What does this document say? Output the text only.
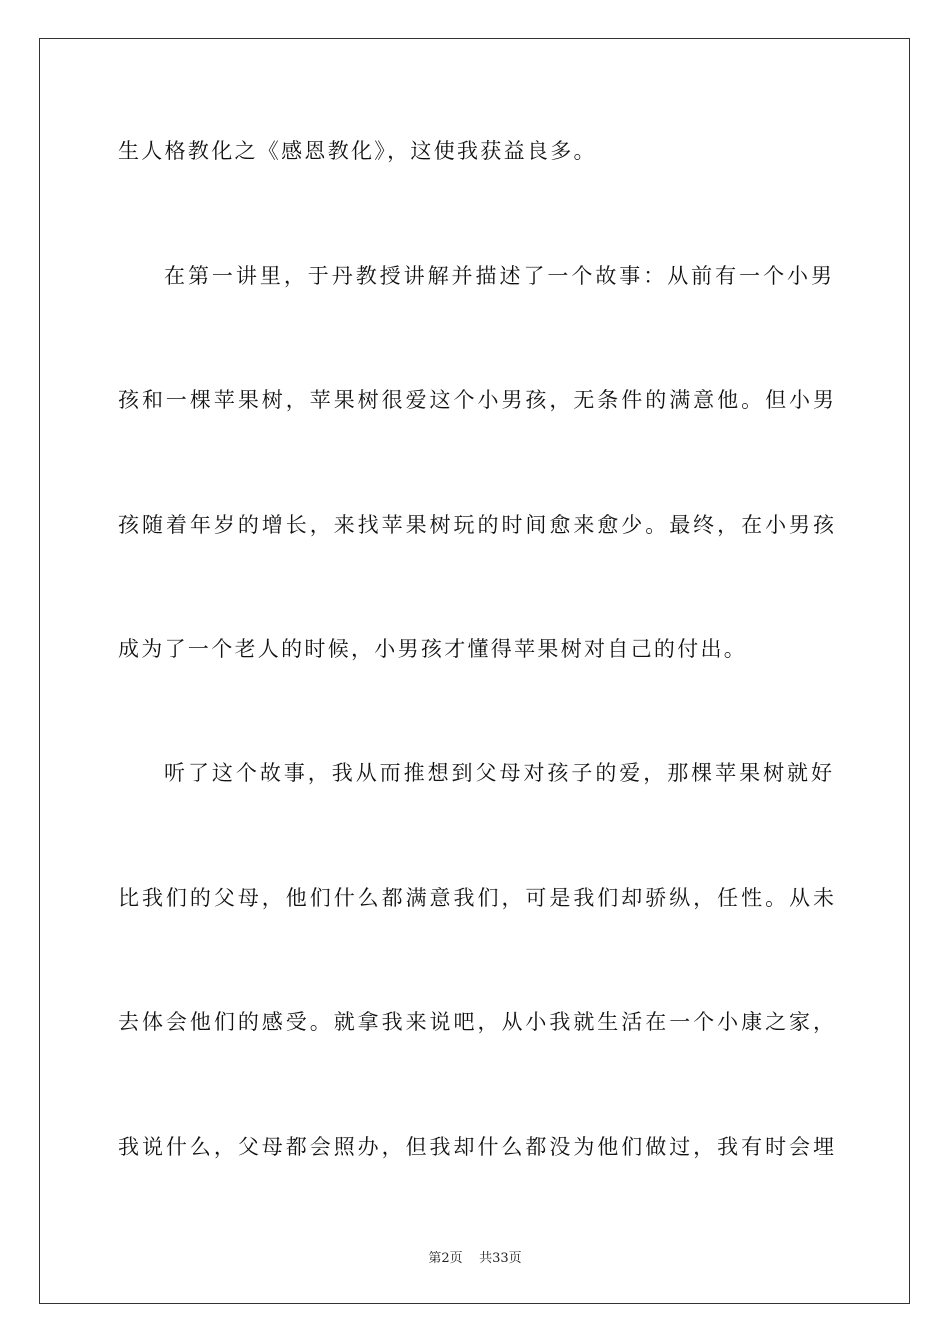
生人格教化之《感恩教化》，这使我获益良多。
在第一讲里，于丹教授讲解并描述了一个故事：从前有一个小男
孩和一棵苹果树，苹果树很爱这个小男孩，无条件的满意他。但小男
孩随着年岁的增长，来找苹果树玩的时间愈来愈少。最终，在小男孩
成为了一个老人的时候，小男孩才懂得苹果树对自己的付出。
听了这个故事，我从而推想到父母对孩子的爱，那棵苹果树就好
比我们的父母，他们什么都满意我们，可是我们却骄纵，任性。从未
去体会他们的感受。就拿我来说吧，从小我就生活在一个小康之家，
我说什么，父母都会照办，但我却什么都没为他们做过，我有时会埋
第2页 共33页
